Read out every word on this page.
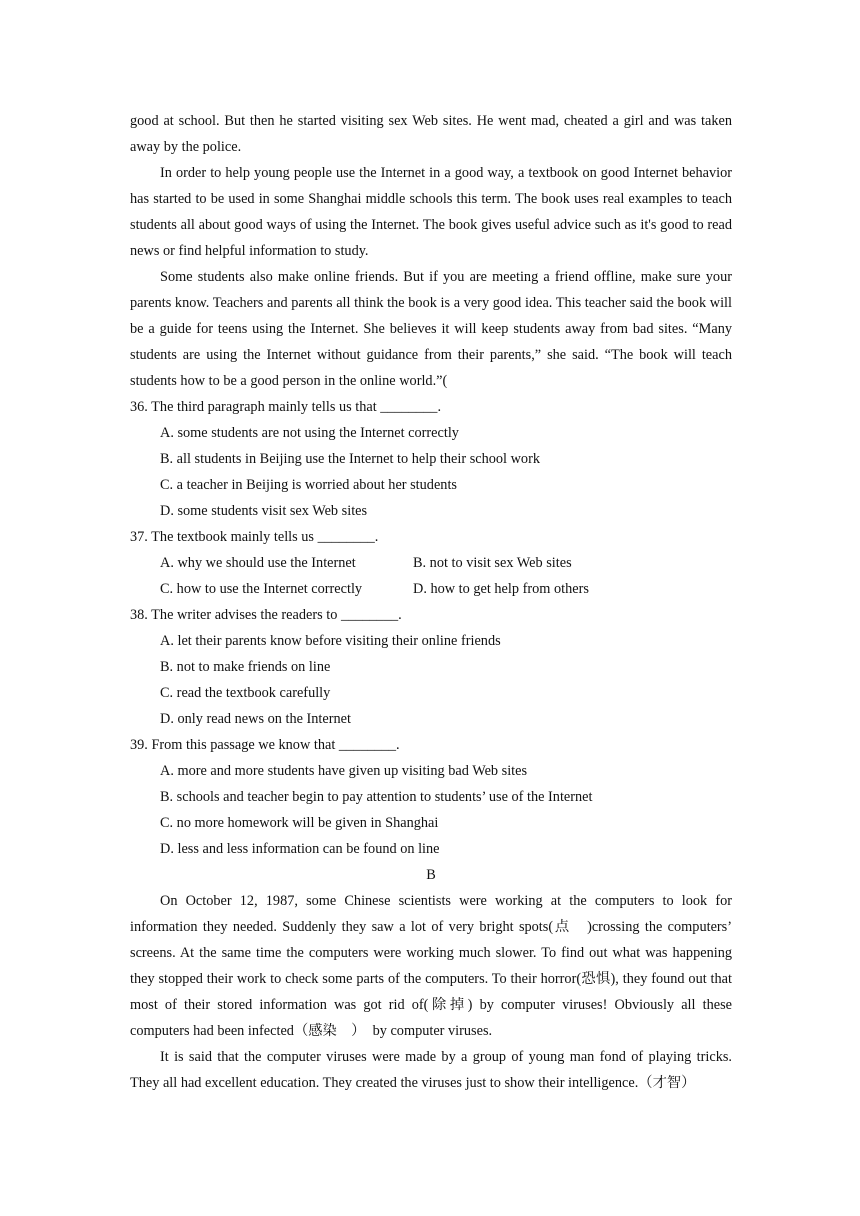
good at school. But then he started visiting sex Web sites. He went mad, cheated a girl and was taken away by the police.

In order to help young people use the Internet in a good way, a textbook on good Internet behavior has started to be used in some Shanghai middle schools this term. The book uses real examples to teach students all about good ways of using the Internet. The book gives useful advice such as it's good to read news or find helpful information to study.

Some students also make online friends. But if you are meeting a friend offline, make sure your parents know. Teachers and parents all think the book is a very good idea. This teacher said the book will be a guide for teens using the Internet. She believes it will keep students away from bad sites. “Many students are using the Internet without guidance from their parents,” she said. “The book will teach students how to be a good person in the online world.”(

36. The third paragraph mainly tells us that ________.

A. some students are not using the Internet correctly

B. all students in Beijing use the Internet to help their school work

C. a teacher in Beijing is worried about her students

D. some students visit sex Web sites

37. The textbook mainly tells us ________.

A. why we should use the Internet	B. not to visit sex Web sites
C. how to use the Internet correctly	D. how to get help from others

38. The writer advises the readers to ________.

A. let their parents know before visiting their online friends

B. not to make friends on line

C. read the textbook carefully

D. only read news on the Internet

39. From this passage we know that ________.

A. more and more students have given up visiting bad Web sites

B. schools and teacher begin to pay attention to students’ use of the Internet

C. no more homework will be given in Shanghai

D. less and less information can be found on line

B

On October 12, 1987, some Chinese scientists were working at the computers to look for information they needed. Suddenly they saw a lot of very bright spots(点　)crossing the computers’ screens. At the same time the computers were working much slower. To find out what was happening they stopped their work to check some parts of the computers. To their horror(恐惧), they found out that most of their stored information was got rid of(除掉) by computer viruses! Obviously all these computers had been infected（感染　）　by computer viruses.

It is said that the computer viruses were made by a group of young man fond of playing tricks. They all had excellent education. They created the viruses just to show their intelligence.（才智）
